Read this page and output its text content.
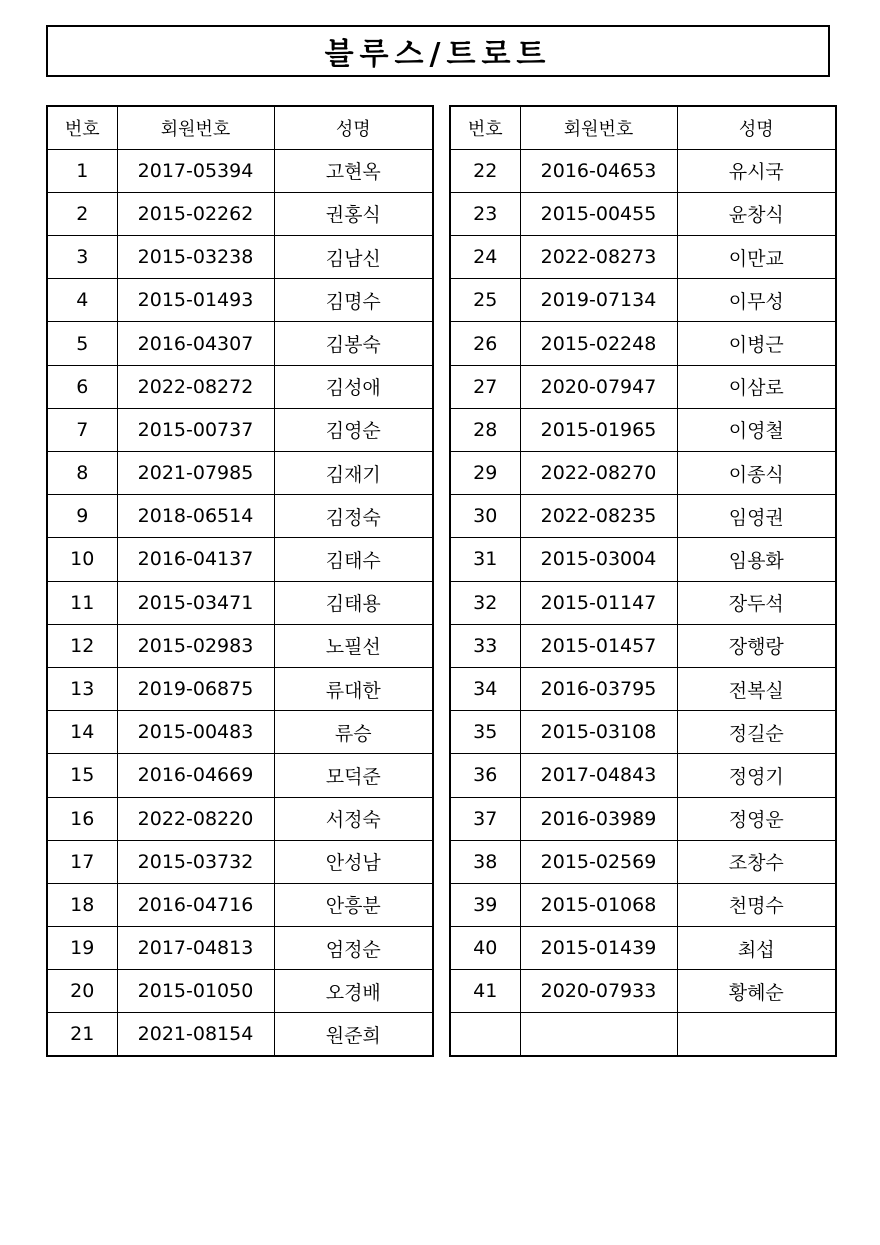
블루스/트로트
번호	회원번호	성명
1	2017-05394	고현옥
2	2015-02262	권홍식
3	2015-03238	김남신
4	2015-01493	김명수
5	2016-04307	김봉숙
6	2022-08272	김성애
7	2015-00737	김영순
8	2021-07985	김재기
9	2018-06514	김정숙
10	2016-04137	김태수
11	2015-03471	김태용
12	2015-02983	노필선
13	2019-06875	류대한
14	2015-00483	류승
15	2016-04669	모덕준
16	2022-08220	서정숙
17	2015-03732	안성남
18	2016-04716	안흥분
19	2017-04813	엄정순
20	2015-01050	오경배
21	2021-08154	원준희
번호	회원번호	성명
22	2016-04653	유시국
23	2015-00455	윤창식
24	2022-08273	이만교
25	2019-07134	이무성
26	2015-02248	이병근
27	2020-07947	이삼로
28	2015-01965	이영철
29	2022-08270	이종식
30	2022-08235	임영권
31	2015-03004	임용화
32	2015-01147	장두석
33	2015-01457	장행랑
34	2016-03795	전복실
35	2015-03108	정길순
36	2017-04843	정영기
37	2016-03989	정영운
38	2015-02569	조창수
39	2015-01068	천명수
40	2015-01439	최섭
41	2020-07933	황혜순
